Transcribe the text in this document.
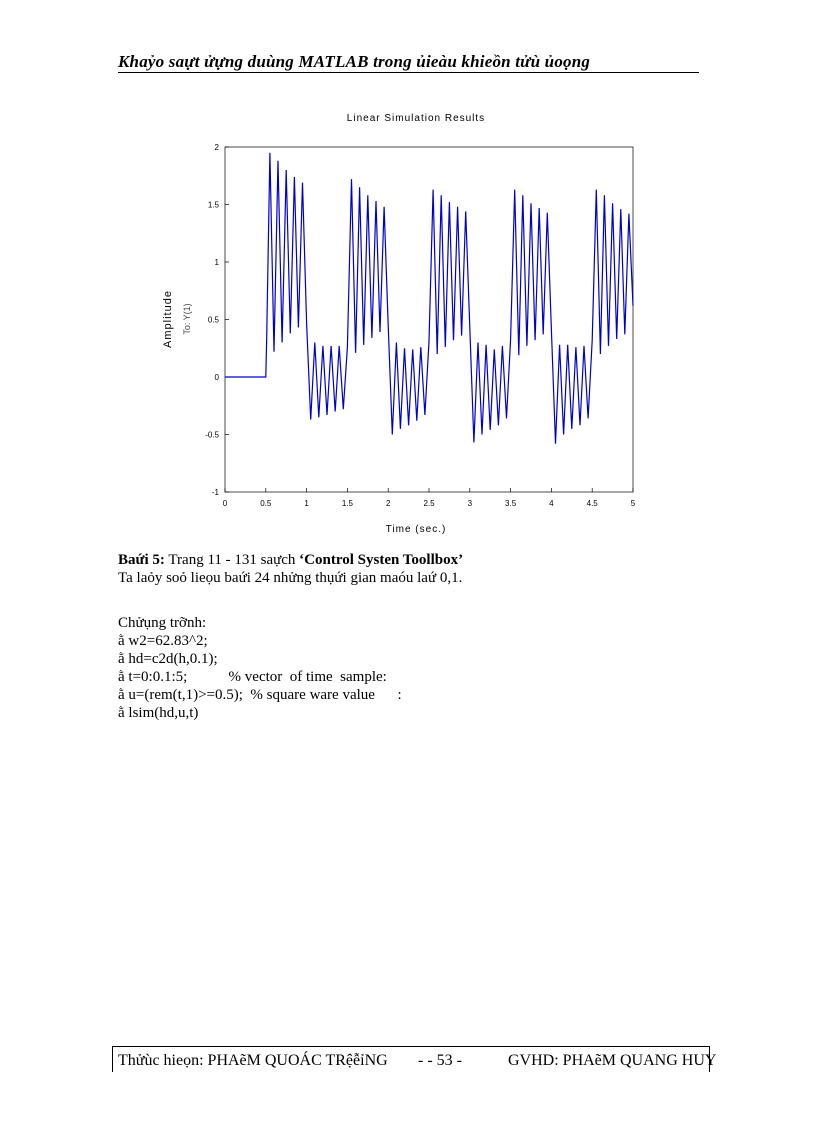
Khaỷo saựt ửựng duùng MATLAB trong ủieàu khieồn tửù ủoọng
Linear Simulation Results
2
1.5
1
0.5
0
-0.5
-1
0	0.5	1	1.5	2	2.5	3	3.5	4	4.5	5
Time (sec.)
Amplitude To: Y(1)
Baứi 5: Trang 11 - 131 saựch ‘Control Systen Toollbox’
Ta laỏy soỏ lieọu baứi 24 nhửng thụứi gian maóu laứ 0,1.
Chửụng trỡnh:
ằ w2=62.83^2;
ằ hd=c2d(h,0.1);
ằ t=0:0.1:5;           % vector  of time  sample:
ằ u=(rem(t,1)>=0.5);  % square ware value      :
ằ lsim(hd,u,t)
Thửùc hieọn: PHAẽM QUOÁC TRệễỉNG - - 53 -	GVHD: PHAẽM QUANG HUY
